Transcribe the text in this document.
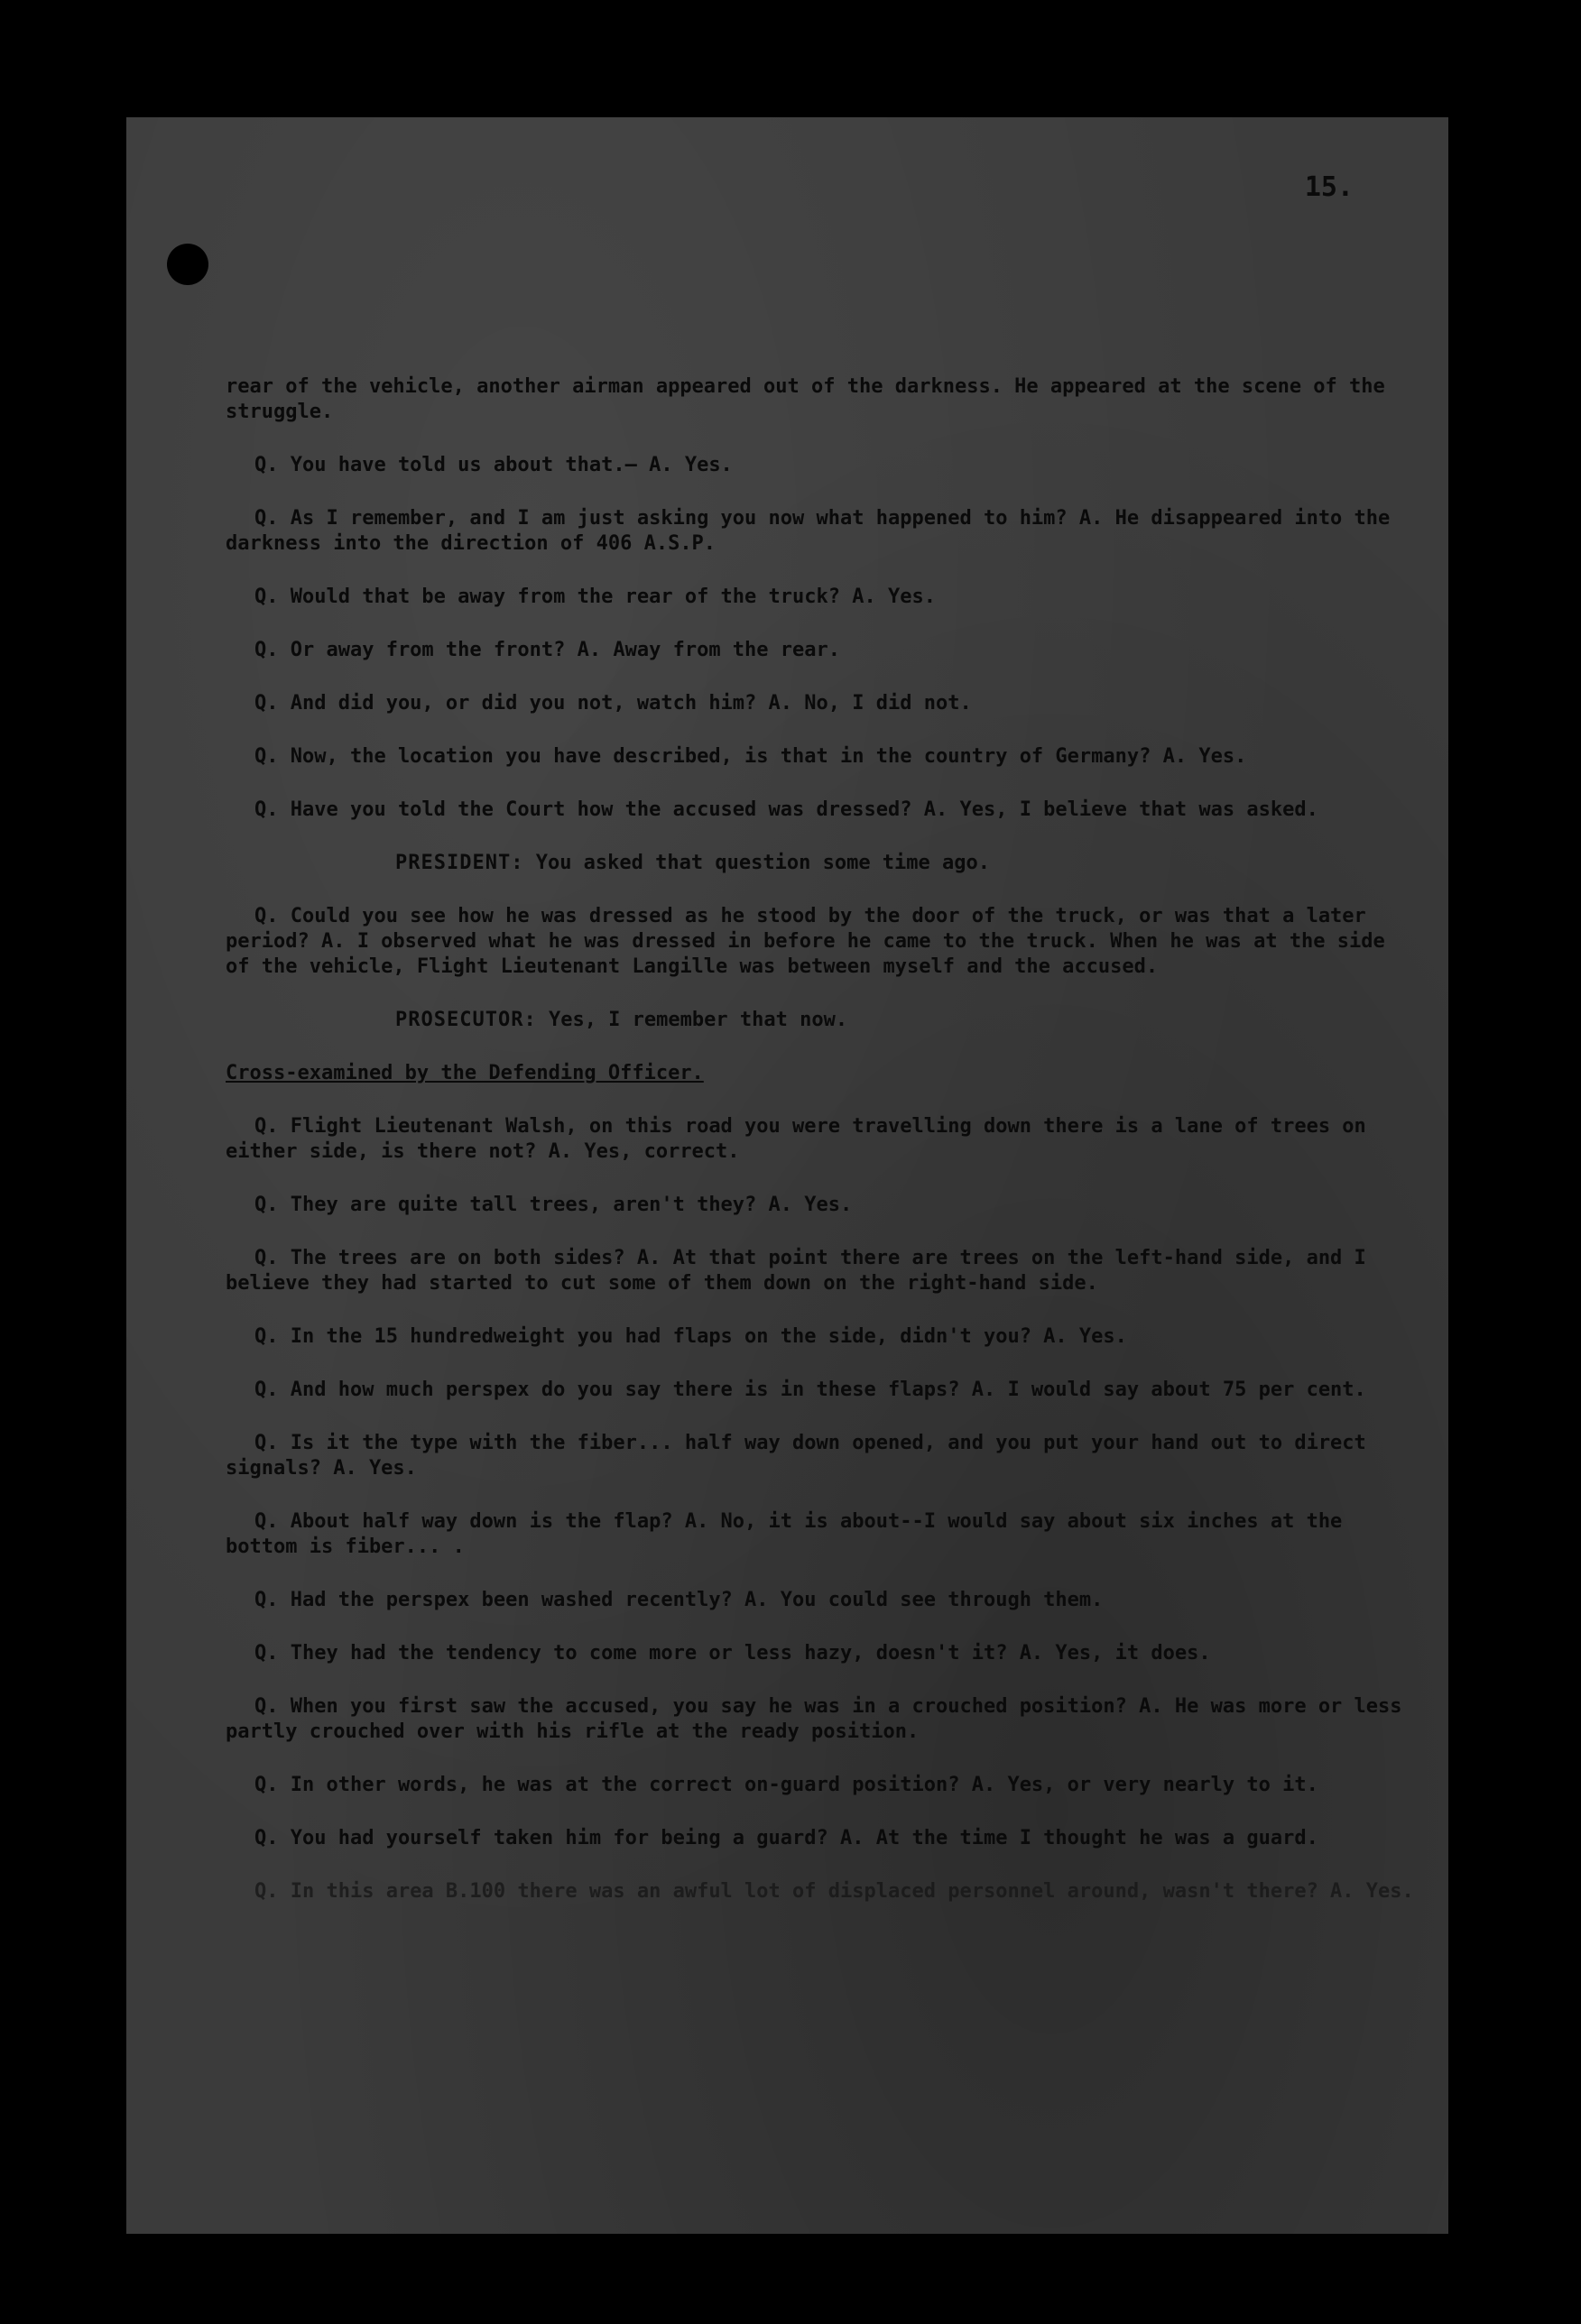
15.

rear of the vehicle, another airman appeared out of the darkness. He appeared at the scene of the struggle.

Q. You have told us about that.— A. Yes.

Q. As I remember, and I am just asking you now what happened to him? A. He disappeared into the darkness into the direction of 406 A.S.P.

Q. Would that be away from the rear of the truck? A. Yes.

Q. Or away from the front? A. Away from the rear.

Q. And did you, or did you not, watch him? A. No, I did not.

Q. Now, the location you have described, is that in the country of Germany? A. Yes.

Q. Have you told the Court how the accused was dressed? A. Yes, I believe that was asked.

PRESIDENT: You asked that question some time ago.

Q. Could you see how he was dressed as he stood by the door of the truck, or was that a later period? A. I observed what he was dressed in before he came to the truck. When he was at the side of the vehicle, Flight Lieutenant Langille was between myself and the accused.

PROSECUTOR: Yes, I remember that now.

Cross-examined by the Defending Officer.

Q. Flight Lieutenant Walsh, on this road you were travelling down there is a lane of trees on either side, is there not? A. Yes, correct.

Q. They are quite tall trees, aren't they? A. Yes.

Q. The trees are on both sides? A. At that point there are trees on the left-hand side, and I believe they had started to cut some of them down on the right-hand side.

Q. In the 15 hundredweight you had flaps on the side, didn't you? A. Yes.

Q. And how much perspex do you say there is in these flaps? A. I would say about 75 per cent.

Q. Is it the type with the fiber... half way down opened, and you put your hand out to direct signals? A. Yes.

Q. About half way down is the flap? A. No, it is about--I would say about six inches at the bottom is fiber... .

Q. Had the perspex been washed recently? A. You could see through them.

Q. They had the tendency to come more or less hazy, doesn't it? A. Yes, it does.

Q. When you first saw the accused, you say he was in a crouched position? A. He was more or less partly crouched over with his rifle at the ready position.

Q. In other words, he was at the correct on-guard position? A. Yes, or very nearly to it.

Q. You had yourself taken him for being a guard? A. At the time I thought he was a guard.

Q. In this area B.100 there was an awful lot of displaced personnel around, wasn't there? A. Yes.
